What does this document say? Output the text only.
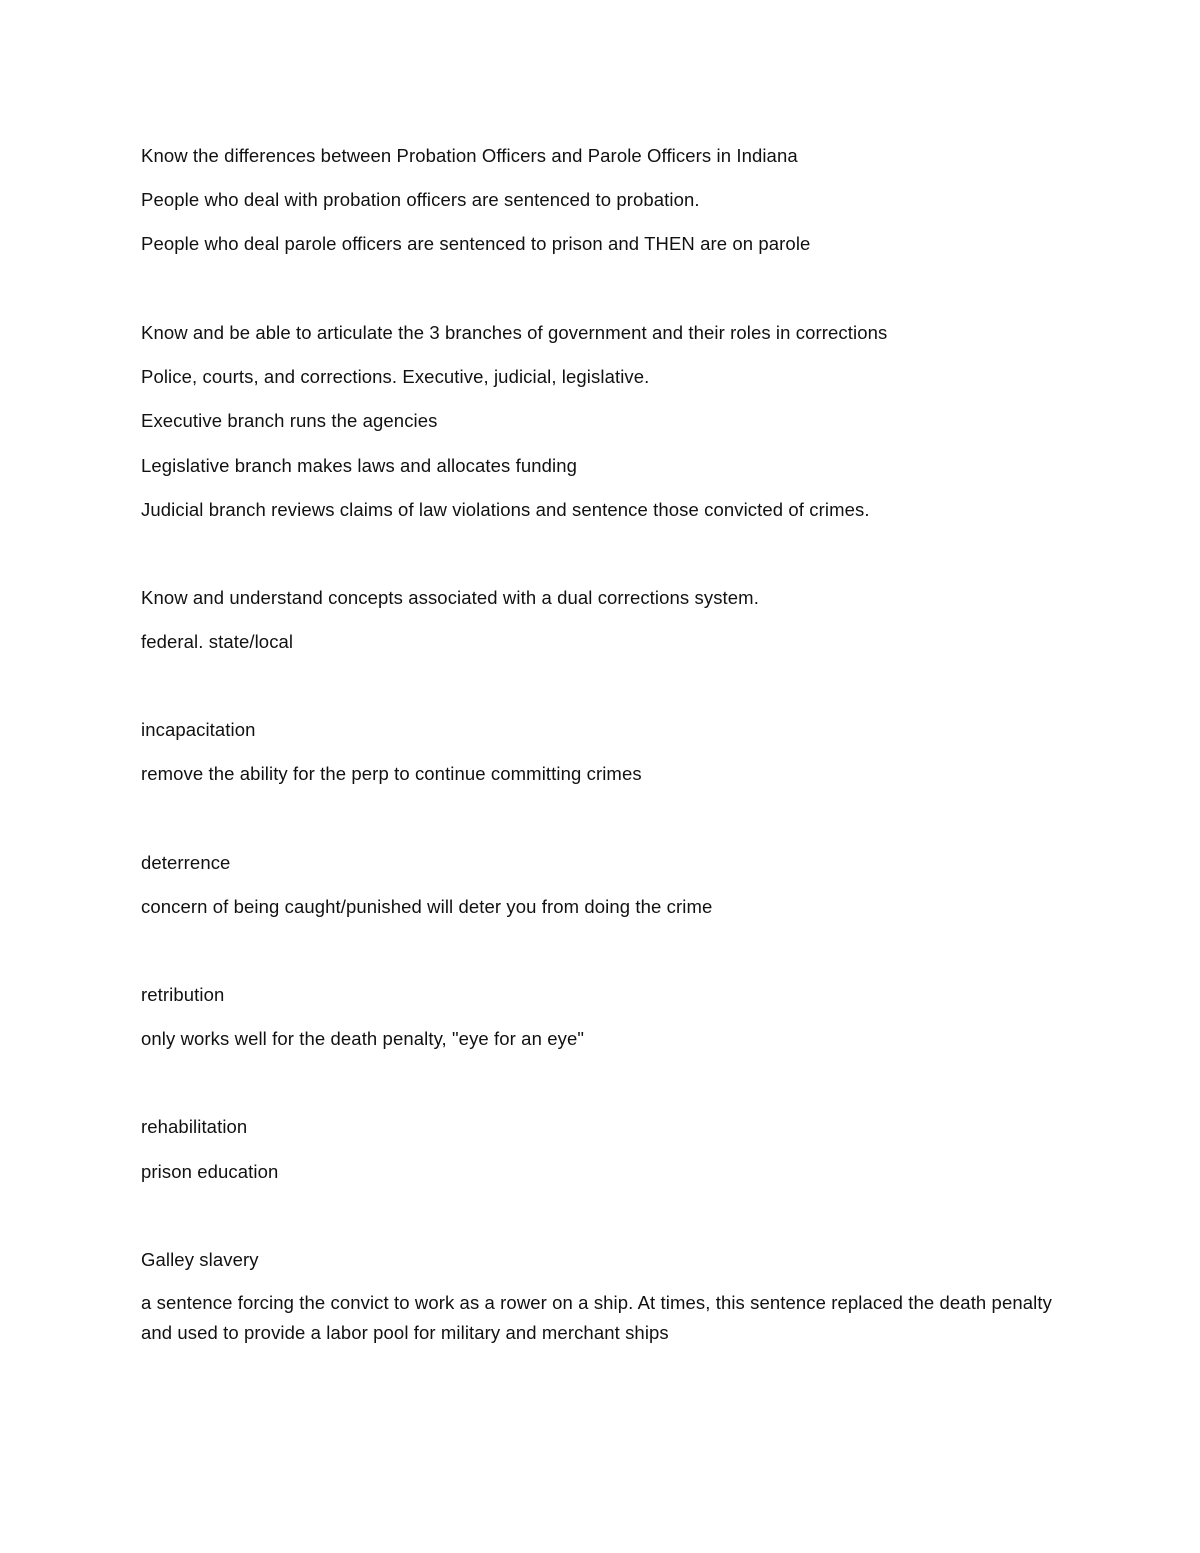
Know the differences between Probation Officers and Parole Officers in Indiana
People who deal with probation officers are sentenced to probation.
People who deal parole officers are sentenced to prison and THEN are on parole
Know and be able to articulate the 3 branches of government and their roles in corrections
Police, courts, and corrections. Executive, judicial, legislative.
Executive branch runs the agencies
Legislative branch makes laws and allocates funding
Judicial branch reviews claims of law violations and sentence those convicted of crimes.
Know and understand concepts associated with a dual corrections system.
federal. state/local
incapacitation
remove the ability for the perp to continue committing crimes
deterrence
concern of being caught/punished will deter you from doing the crime
retribution
only works well for the death penalty, "eye for an eye"
rehabilitation
prison education
Galley slavery
a sentence forcing the convict to work as a rower on a ship. At times, this sentence replaced the death penalty and used to provide a labor pool for military and merchant ships
